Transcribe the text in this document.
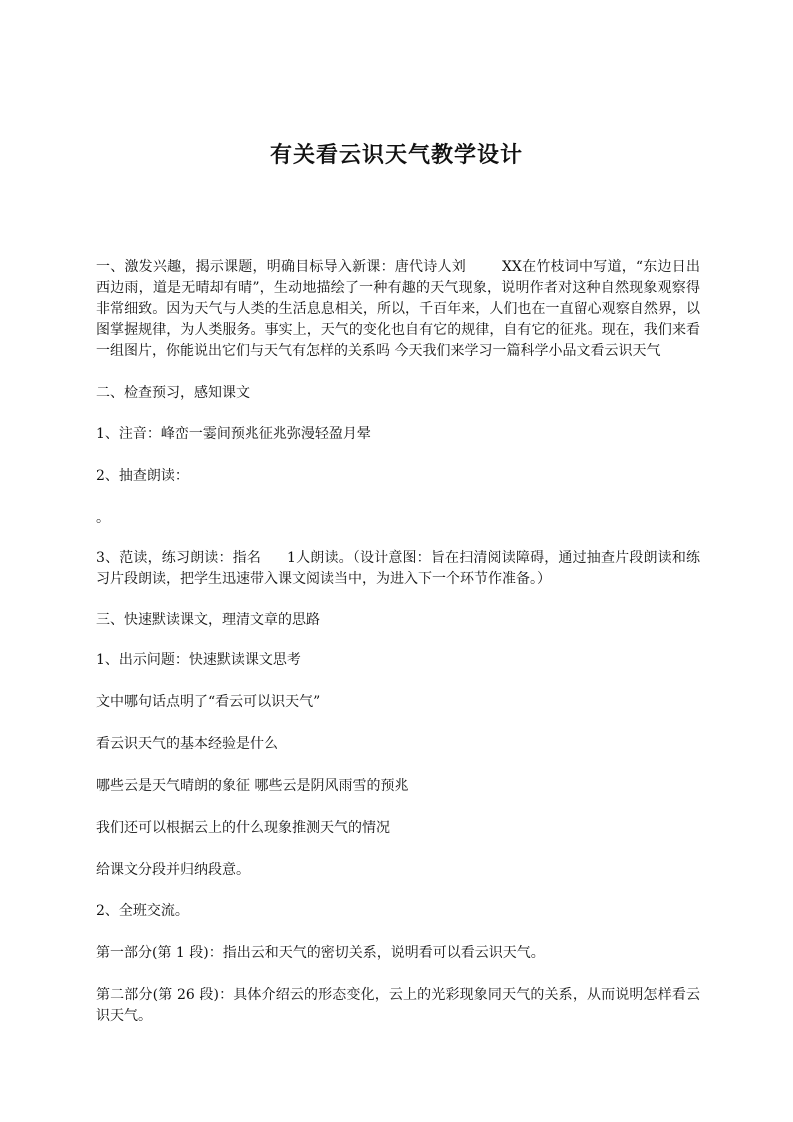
有关看云识天气教学设计

一、激发兴趣，揭示课题，明确目标导入新课：唐代诗人刘	XX在竹枝词中写道，“东边日出西边雨，道是无晴却有晴”，生动地描绘了一种有趣的天气现象，说明作者对这种自然现象观察得非常细致。因为天气与人类的生活息息相关，所以，千百年来，人们也在一直留心观察自然界，以图掌握规律，为人类服务。事实上，天气的变化也自有它的规律，自有它的征兆。现在，我们来看一组图片，你能说出它们与天气有怎样的关系吗 今天我们来学习一篇科学小品文看云识天气

二、检查预习，感知课文

1、注音：峰峦一霎间预兆征兆弥漫轻盈月晕

2、抽查朗读：

。

3、范读，练习朗读：指名 1人朗读。（设计意图：旨在扫清阅读障碍，通过抽查片段朗读和练习片段朗读，把学生迅速带入课文阅读当中，为进入下一个环节作准备。）

三、快速默读课文，理清文章的思路

1、出示问题：快速默读课文思考

文中哪句话点明了“看云可以识天气”

看云识天气的基本经验是什么

哪些云是天气晴朗的象征 哪些云是阴风雨雪的预兆

我们还可以根据云上的什么现象推测天气的情况

给课文分段并归纳段意。

2、全班交流。

第一部分(第 1 段)：指出云和天气的密切关系，说明看可以看云识天气。

第二部分(第 26 段)：具体介绍云的形态变化，云上的光彩现象同天气的关系，从而说明怎样看云识天气。
